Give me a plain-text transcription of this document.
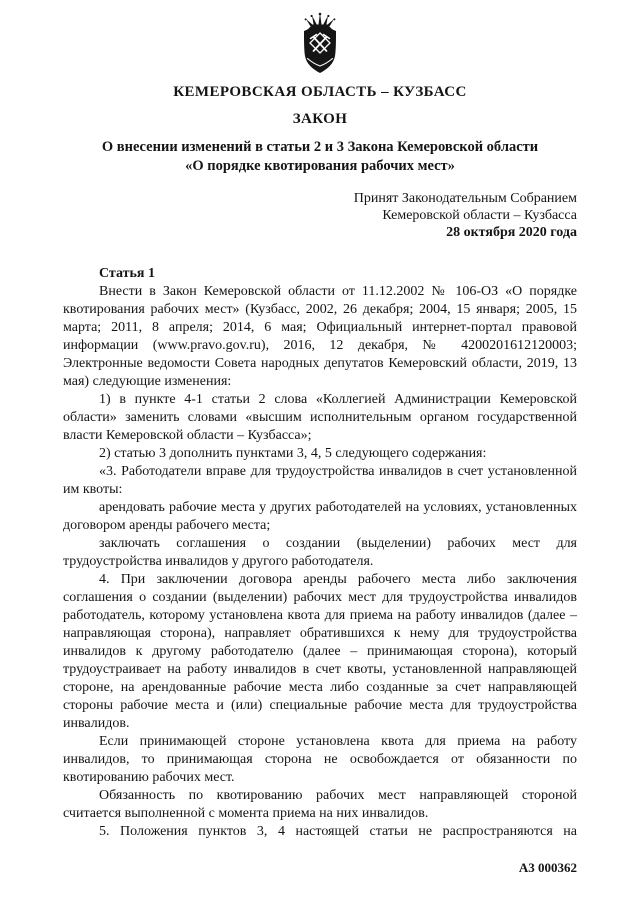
КЕМЕРОВСКАЯ ОБЛАСТЬ – КУЗБАСС
ЗАКОН
О внесении изменений в статьи 2 и 3 Закона Кемеровской области
«О порядке квотирования рабочих мест»
Принят Законодательным Собранием
Кемеровской области – Кузбасса
28 октября 2020 года

Статья 1

Внести в Закон Кемеровской области от 11.12.2002 № 106-ОЗ «О порядке квотирования рабочих мест» (Кузбасс, 2002, 26 декабря; 2004, 15 января; 2005, 15 марта; 2011, 8 апреля; 2014, 6 мая; Официальный интернет-портал правовой информации (www.pravo.gov.ru), 2016, 12 декабря, № 4200201612120003; Электронные ведомости Совета народных депутатов Кемеровский области, 2019, 13 мая) следующие изменения:

1) в пункте 4-1 статьи 2 слова «Коллегией Администрации Кемеровской области» заменить словами «высшим исполнительным органом государственной власти Кемеровской области – Кузбасса»;

2) статью 3 дополнить пунктами 3, 4, 5 следующего содержания:

«3. Работодатели вправе для трудоустройства инвалидов в счет установленной им квоты:

арендовать рабочие места у других работодателей на условиях, установленных договором аренды рабочего места;

заключать соглашения о создании (выделении) рабочих мест для трудоустройства инвалидов у другого работодателя.

4. При заключении договора аренды рабочего места либо заключения соглашения о создании (выделении) рабочих мест для трудоустройства инвалидов работодатель, которому установлена квота для приема на работу инвалидов (далее – направляющая сторона), направляет обратившихся к нему для трудоустройства инвалидов к другому работодателю (далее – принимающая сторона), который трудоустраивает на работу инвалидов в счет квоты, установленной направляющей стороне, на арендованные рабочие места либо созданные за счет направляющей стороны рабочие места и (или) специальные рабочие места для трудоустройства инвалидов.

Если принимающей стороне установлена квота для приема на работу инвалидов, то принимающая сторона не освобождается от обязанности по квотированию рабочих мест.

Обязанность по квотированию рабочих мест направляющей стороной считается выполненной с момента приема на них инвалидов.

5. Положения пунктов 3, 4 настоящей статьи не распространяются на

А3 000362
